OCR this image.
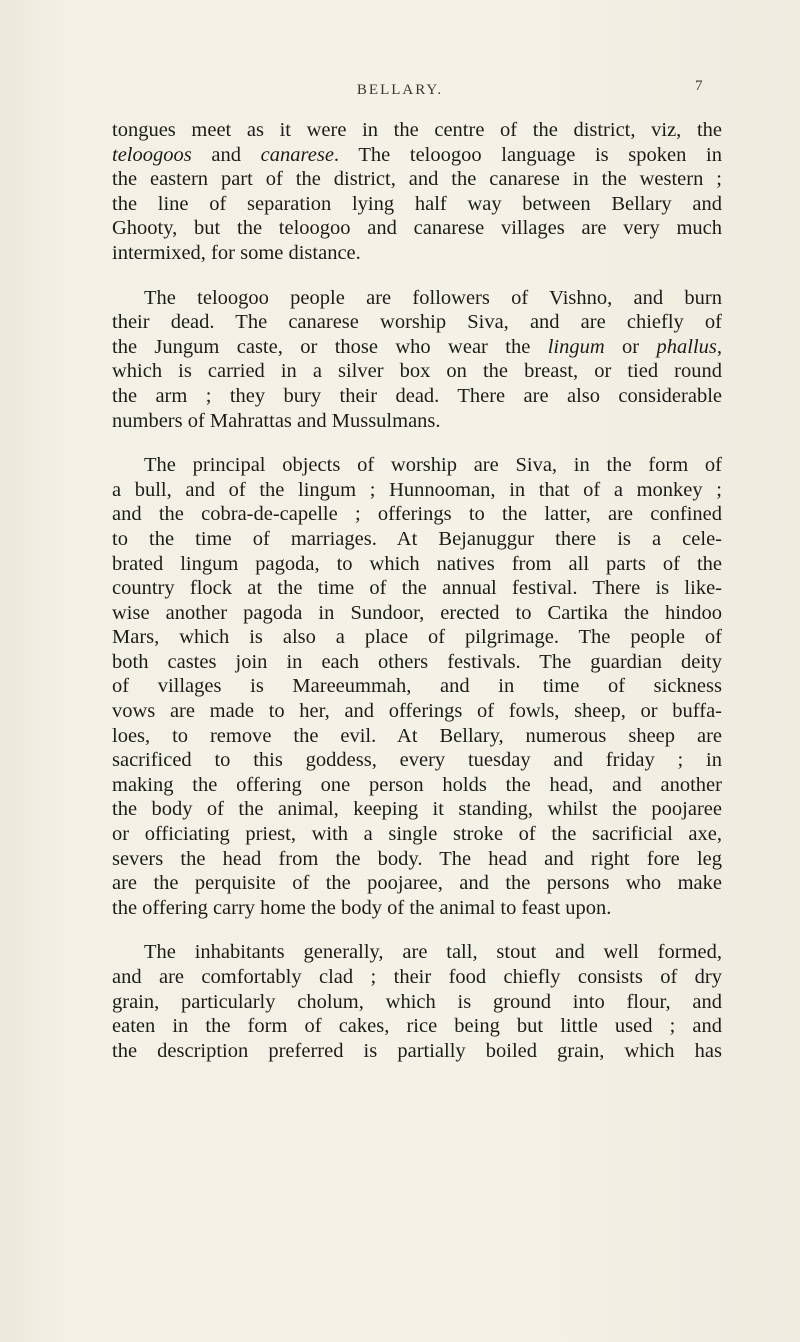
BELLARY.	7

tongues meet as it were in the centre of the district, viz, the
teloogoos and canarese. The teloogoo language is spoken in
the eastern part of the district, and the canarese in the western ;
the line of separation lying half way between Bellary and
Ghooty, but the teloogoo and canarese villages are very much
intermixed, for some distance.

The teloogoo people are followers of Vishno, and burn
their dead. The canarese worship Siva, and are chiefly of
the Jungum caste, or those who wear the lingum or phallus,
which is carried in a silver box on the breast, or tied round
the arm ; they bury their dead. There are also considerable
numbers of Mahrattas and Mussulmans.

The principal objects of worship are Siva, in the form of
a bull, and of the lingum ; Hunnooman, in that of a monkey ;
and the cobra-de-capelle ; offerings to the latter, are confined
to the time of marriages. At Bejanuggur there is a cele-
brated lingum pagoda, to which natives from all parts of the
country flock at the time of the annual festival. There is like-
wise another pagoda in Sundoor, erected to Cartika the hindoo
Mars, which is also a place of pilgrimage. The people of
both castes join in each others festivals. The guardian deity
of villages is Mareeummah, and in time of sickness
vows are made to her, and offerings of fowls, sheep, or buffa-
loes, to remove the evil. At Bellary, numerous sheep are
sacrificed to this goddess, every tuesday and friday ; in
making the offering one person holds the head, and another
the body of the animal, keeping it standing, whilst the poojaree
or officiating priest, with a single stroke of the sacrificial axe,
severs the head from the body. The head and right fore leg
are the perquisite of the poojaree, and the persons who make
the offering carry home the body of the animal to feast upon.

The inhabitants generally, are tall, stout and well formed,
and are comfortably clad ; their food chiefly consists of dry
grain, particularly cholum, which is ground into flour, and
eaten in the form of cakes, rice being but little used ; and
the description preferred is partially boiled grain, which has
